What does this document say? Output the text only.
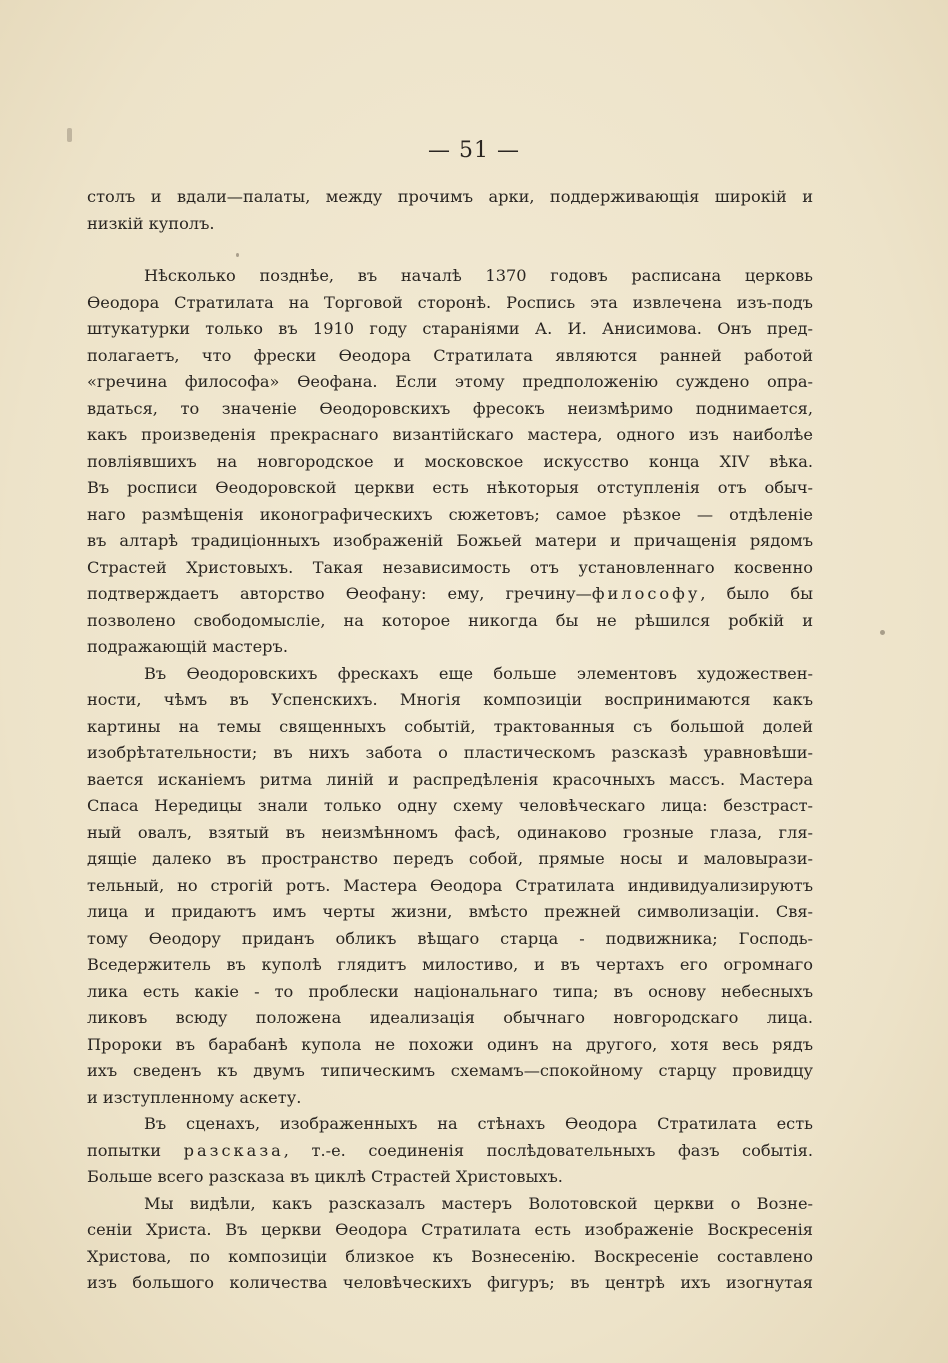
— 51 —

столъ и вдали—палаты, между прочимъ арки, поддерживающія широкій и

низкій куполъ.

Нѣсколько позднѣе, въ началѣ 1370 годовъ расписана церковь

Ѳеодора Стратилата на Торговой сторонѣ. Роспись эта извлечена изъ-подъ

штукатурки только въ 1910 году стараніями А. И. Анисимова. Онъ пред-

полагаетъ, что фрески Ѳеодора Стратилата являются ранней работой

«гречина философа» Ѳеофана. Если этому предположенію суждено опра-

вдаться, то значеніе Ѳеодоровскихъ фресокъ неизмѣримо поднимается,

какъ произведенія прекраснаго византійскаго мастера, одного изъ наиболѣе

повліявшихъ на новгородское и московское искусство конца XIV вѣка.

Въ росписи Ѳеодоровской церкви есть нѣкоторыя отступленія отъ обыч-

наго размѣщенія иконографическихъ сюжетовъ; самое рѣзкое — отдѣленіе

въ алтарѣ традиціонныхъ изображеній Божьей матери и причащенія рядомъ

Страстей Христовыхъ. Такая независимость отъ установленнаго косвенно

подтверждаетъ авторство Ѳеофану: ему, гречину—философу, было бы

позволено свободомысліе, на которое никогда бы не рѣшился робкій и

подражающій мастеръ.

Въ Ѳеодоровскихъ фрескахъ еще больше элементовъ художествен-

ности, чѣмъ въ Успенскихъ. Многія композиціи воспринимаются какъ

картины на темы священныхъ событій, трактованныя съ большой долей

изобрѣтательности; въ нихъ забота о пластическомъ разсказѣ уравновѣши-

вается исканіемъ ритма линій и распредѣленія красочныхъ массъ. Мастера

Спаса Нередицы знали только одну схему человѣческаго лица: безстраст-

ный овалъ, взятый въ неизмѣнномъ фасѣ, одинаково грозные глаза, гля-

дящіе далеко въ пространство передъ собой, прямые носы и маловырази-

тельный, но строгій ротъ. Мастера Ѳеодора Стратилата индивидуализируютъ

лица и придаютъ имъ черты жизни, вмѣсто прежней символизаціи. Свя-

тому Ѳеодору приданъ обликъ вѣщаго старца - подвижника; Господь-

Вседержитель въ куполѣ глядитъ милостиво, и въ чертахъ его огромнаго

лика есть какіе - то проблески національнаго типа; въ основу небесныхъ

ликовъ всюду положена идеализація обычнаго новгородскаго лица.

Пророки въ барабанѣ купола не похожи одинъ на другого, хотя весь рядъ

ихъ сведенъ къ двумъ типическимъ схемамъ—спокойному старцу провидцу

и изступленному аскету.

Въ сценахъ, изображенныхъ на стѣнахъ Ѳеодора Стратилата есть

попытки разсказа, т.-е. соединенія послѣдовательныхъ фазъ событія.

Больше всего разсказа въ циклѣ Страстей Христовыхъ.

Мы видѣли, какъ разсказалъ мастеръ Волотовской церкви о Возне-

сеніи Христа. Въ церкви Ѳеодора Стратилата есть изображеніе Воскресенія

Христова, по композиціи близкое къ Вознесенію. Воскресеніе составлено

изъ большого количества человѣческихъ фигуръ; въ центрѣ ихъ изогнутая
